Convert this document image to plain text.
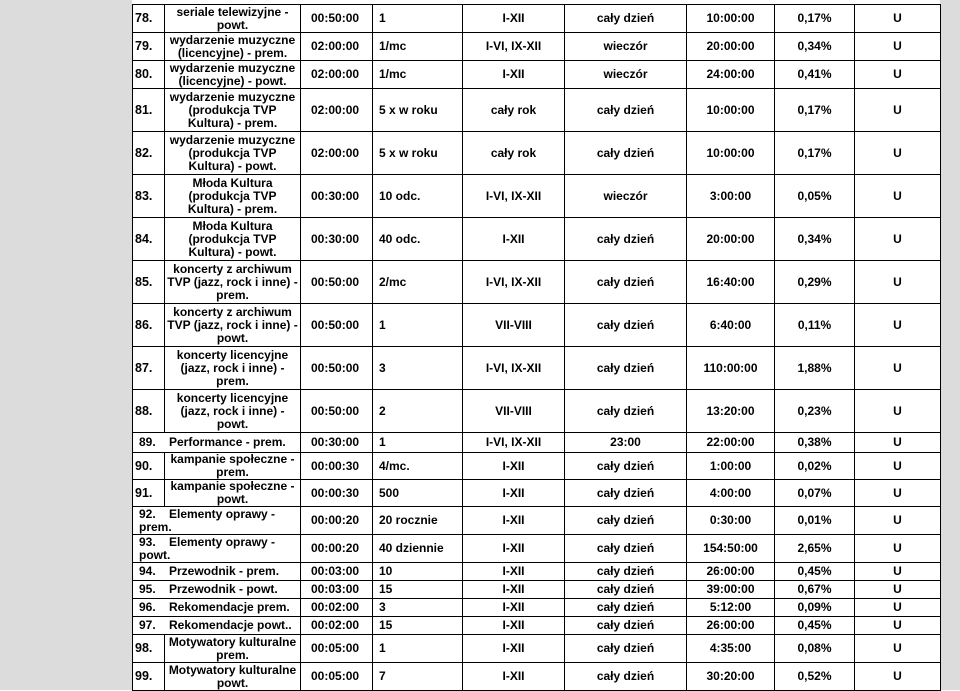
78.	seriale telewizyjne - powt.	00:50:00	1	I-XII	cały dzień	10:00:00	0,17%	U
79.	wydarzenie muzyczne (licencyjne) - prem.	02:00:00	1/mc	I-VI, IX-XII	wieczór	20:00:00	0,34%	U
80.	wydarzenie muzyczne (licencyjne) - powt.	02:00:00	1/mc	I-XII	wieczór	24:00:00	0,41%	U
81.	wydarzenie muzyczne (produkcja TVP Kultura) - prem.	02:00:00	5 x w roku	cały rok	cały dzień	10:00:00	0,17%	U
82.	wydarzenie muzyczne (produkcja TVP Kultura) - powt.	02:00:00	5 x w roku	cały rok	cały dzień	10:00:00	0,17%	U
83.	Młoda Kultura (produkcja TVP Kultura) - prem.	00:30:00	10 odc.	I-VI, IX-XII	wieczór	3:00:00	0,05%	U
84.	Młoda Kultura (produkcja TVP Kultura) - powt.	00:30:00	40 odc.	I-XII	cały dzień	20:00:00	0,34%	U
85.	koncerty z archiwum TVP (jazz, rock i inne) - prem.	00:50:00	2/mc	I-VI, IX-XII	cały dzień	16:40:00	0,29%	U
86.	koncerty z archiwum TVP (jazz, rock i inne) - powt.	00:50:00	1	VII-VIII	cały dzień	6:40:00	0,11%	U
87.	koncerty licencyjne (jazz, rock i inne) -prem.	00:50:00	3	I-VI, IX-XII	cały dzień	110:00:00	1,88%	U
88.	koncerty licencyjne (jazz, rock i inne) - powt.	00:50:00	2	VII-VIII	cały dzień	13:20:00	0,23%	U
89. Performance - prem.		00:30:00	1	I-VI, IX-XII	23:00	22:00:00	0,38%	U
90.	kampanie społeczne - prem.	00:00:30	4/mc.	I-XII	cały dzień	1:00:00	0,02%	U
91.	kampanie społeczne - powt.	00:00:30	500	I-XII	cały dzień	4:00:00	0,07%	U
92. Elementy oprawy - prem.		00:00:20	20 rocznie	I-XII	cały dzień	0:30:00	0,01%	U
93. Elementy oprawy - powt.		00:00:20	40 dziennie	I-XII	cały dzień	154:50:00	2,65%	U
94. Przewodnik - prem.		00:03:00	10	I-XII	cały dzień	26:00:00	0,45%	U
95. Przewodnik - powt.		00:03:00	15	I-XII	cały dzień	39:00:00	0,67%	U
96. Rekomendacje prem.		00:02:00	3	I-XII	cały dzień	5:12:00	0,09%	U
97. Rekomendacje powt..		00:02:00	15	I-XII	cały dzień	26:00:00	0,45%	U
98.	Motywatory kulturalne prem.	00:05:00	1	I-XII	cały dzień	4:35:00	0,08%	U
99.	Motywatory kulturalne powt.	00:05:00	7	I-XII	cały dzień	30:20:00	0,52%	U
